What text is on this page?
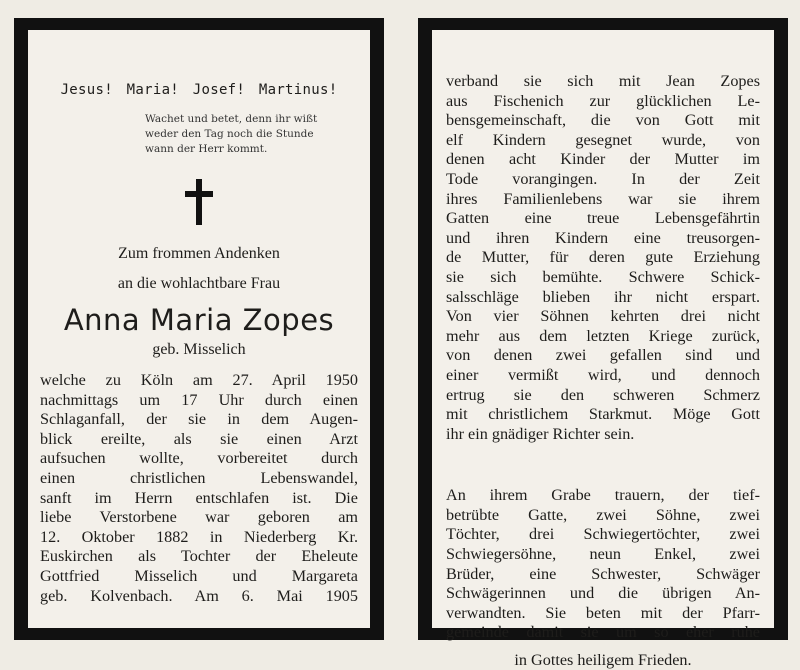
Jesus! Maria! Josef! Martinus!
Wachet und betet, denn ihr wißt
weder den Tag noch die Stunde
wann der Herr kommt.
Zum frommen Andenken
an die wohlachtbare Frau
Anna Maria Zopes
geb. Misselich
welche zu Köln am 27. April 1950
nachmittags um 17 Uhr durch einen
Schlaganfall, der sie in dem Augen-
blick ereilte, als sie einen Arzt
aufsuchen wollte, vorbereitet durch
einen christlichen Lebenswandel,
sanft im Herrn entschlafen ist. Die
liebe Verstorbene war geboren am
12. Oktober 1882 in Niederberg Kr.
Euskirchen als Tochter der Eheleute
Gottfried Misselich und Margareta
geb. Kolvenbach. Am 6. Mai 1905
verband sie sich mit Jean Zopes
aus Fischenich zur glücklichen Le-
bensgemeinschaft, die von Gott mit
elf Kindern gesegnet wurde, von
denen acht Kinder der Mutter im
Tode vorangingen. In der Zeit
ihres Familienlebens war sie ihrem
Gatten eine treue Lebensgefährtin
und ihren Kindern eine treusorgen-
de Mutter, für deren gute Erziehung
sie sich bemühte. Schwere Schick-
salsschläge blieben ihr nicht erspart.
Von vier Söhnen kehrten drei nicht
mehr aus dem letzten Kriege zurück,
von denen zwei gefallen sind und
einer vermißt wird, und dennoch
ertrug sie den schweren Schmerz
mit christlichem Starkmut. Möge Gott
ihr ein gnädiger Richter sein.
An ihrem Grabe trauern, der tief-
betrübte Gatte, zwei Söhne, zwei
Töchter, drei Schwiegertöchter, zwei
Schwiegersöhne, neun Enkel, zwei
Brüder, eine Schwester, Schwäger
Schwägerinnen und die übrigen An-
verwandten. Sie beten mit der Pfarr-
gemeinde damit sie um so eher ruhe
in Gottes heiligem Frieden.
